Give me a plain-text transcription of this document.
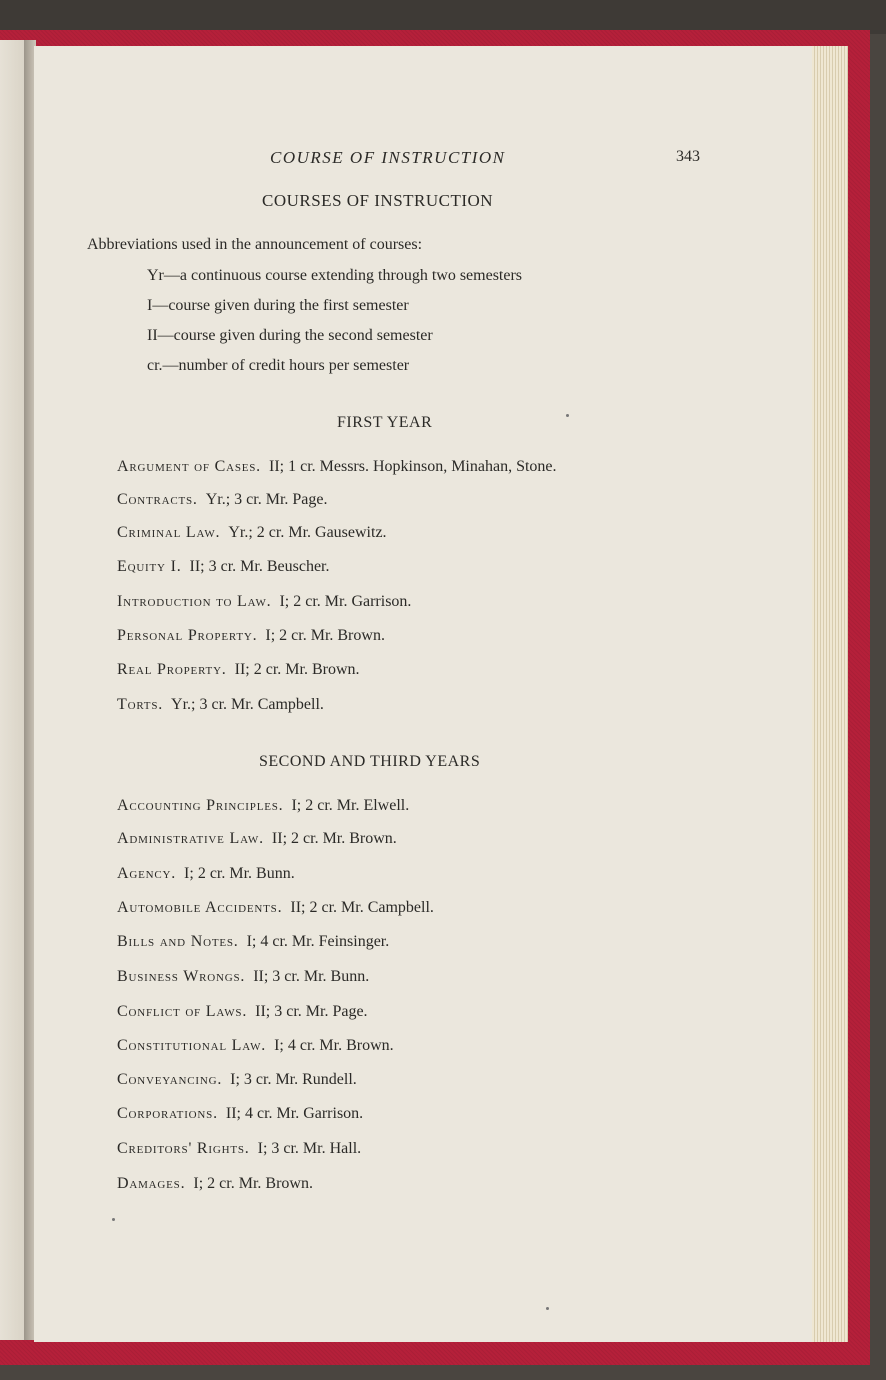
COURSE OF INSTRUCTION	343
COURSES OF INSTRUCTION
Abbreviations used in the announcement of courses:
Yr—a continuous course extending through two semesters
I—course given during the first semester
II—course given during the second semester
cr.—number of credit hours per semester
FIRST YEAR
Argument of Cases. II; 1 cr. Messrs. Hopkinson, Minahan, Stone.
Contracts. Yr.; 3 cr. Mr. Page.
Criminal Law. Yr.; 2 cr. Mr. Gausewitz.
Equity I. II; 3 cr. Mr. Beuscher.
Introduction to Law. I; 2 cr. Mr. Garrison.
Personal Property. I; 2 cr. Mr. Brown.
Real Property. II; 2 cr. Mr. Brown.
Torts. Yr.; 3 cr. Mr. Campbell.
SECOND AND THIRD YEARS
Accounting Principles. I; 2 cr. Mr. Elwell.
Administrative Law. II; 2 cr. Mr. Brown.
Agency. I; 2 cr. Mr. Bunn.
Automobile Accidents. II; 2 cr. Mr. Campbell.
Bills and Notes. I; 4 cr. Mr. Feinsinger.
Business Wrongs. II; 3 cr. Mr. Bunn.
Conflict of Laws. II; 3 cr. Mr. Page.
Constitutional Law. I; 4 cr. Mr. Brown.
Conveyancing. I; 3 cr. Mr. Rundell.
Corporations. II; 4 cr. Mr. Garrison.
Creditors' Rights. I; 3 cr. Mr. Hall.
Damages. I; 2 cr. Mr. Brown.
